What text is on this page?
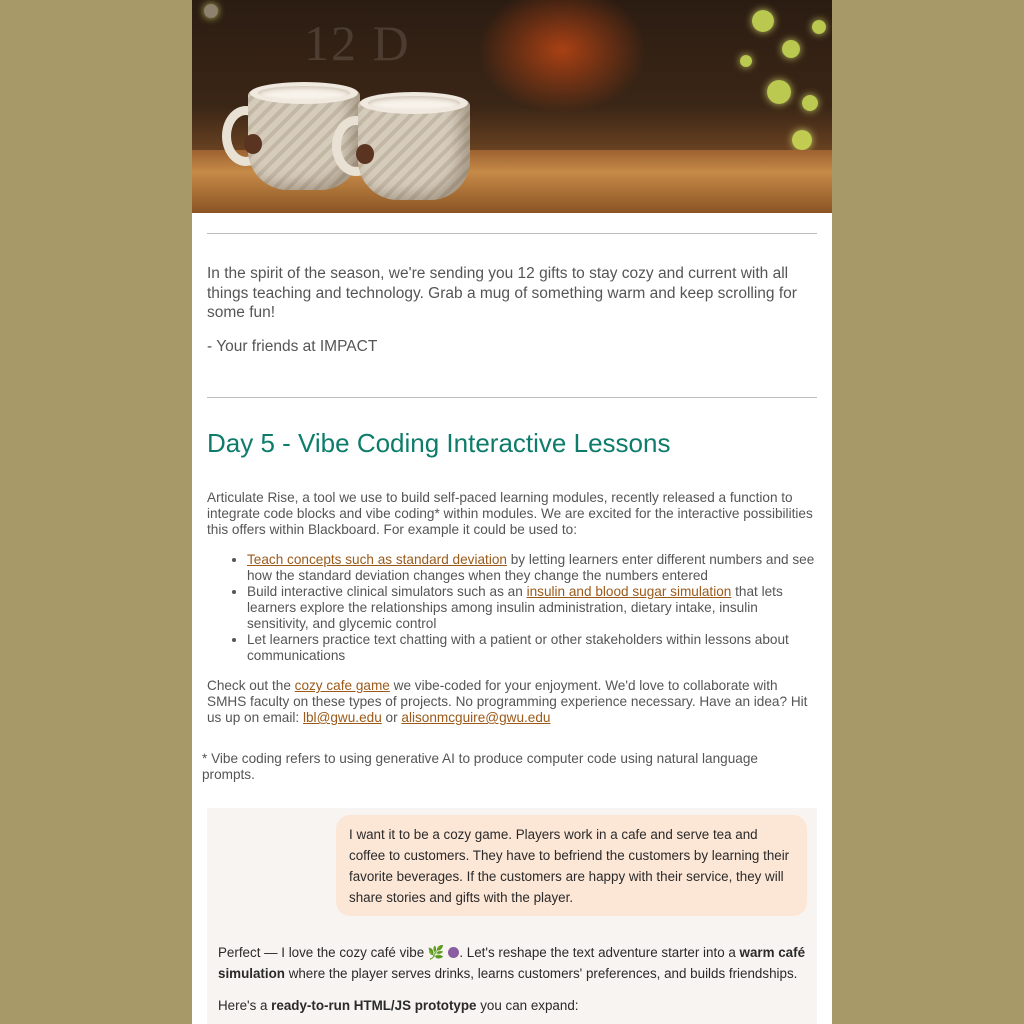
12 D

In the spirit of the season, we're sending you 12 gifts to stay cozy and current with all things teaching and technology. Grab a mug of something warm and keep scrolling for some fun!

- Your friends at IMPACT

Day 5 - Vibe Coding Interactive Lessons

Articulate Rise, a tool we use to build self-paced learning modules, recently released a function to integrate code blocks and vibe coding* within modules. We are excited for the interactive possibilities this offers within Blackboard. For example it could be used to:

• Teach concepts such as standard deviation by letting learners enter different numbers and see how the standard deviation changes when they change the numbers entered
• Build interactive clinical simulators such as an insulin and blood sugar simulation that lets learners explore the relationships among insulin administration, dietary intake, insulin sensitivity, and glycemic control
• Let learners practice text chatting with a patient or other stakeholders within lessons about communications

Check out the cozy cafe game we vibe-coded for your enjoyment. We'd love to collaborate with SMHS faculty on these types of projects. No programming experience necessary. Have an idea? Hit us up on email: lbl@gwu.edu or alisonmcguire@gwu.edu

* Vibe coding refers to using generative AI to produce computer code using natural language prompts.

I want it to be a cozy game. Players work in a cafe and serve tea and coffee to customers. They have to befriend the customers by learning their favorite beverages. If the customers are happy with their service, they will share stories and gifts with the player.

Perfect — I love the cozy café vibe 🌿 . Let's reshape the text adventure starter into a warm café simulation where the player serves drinks, learns customers' preferences, and builds friendships.

Here's a ready-to-run HTML/JS prototype you can expand:
